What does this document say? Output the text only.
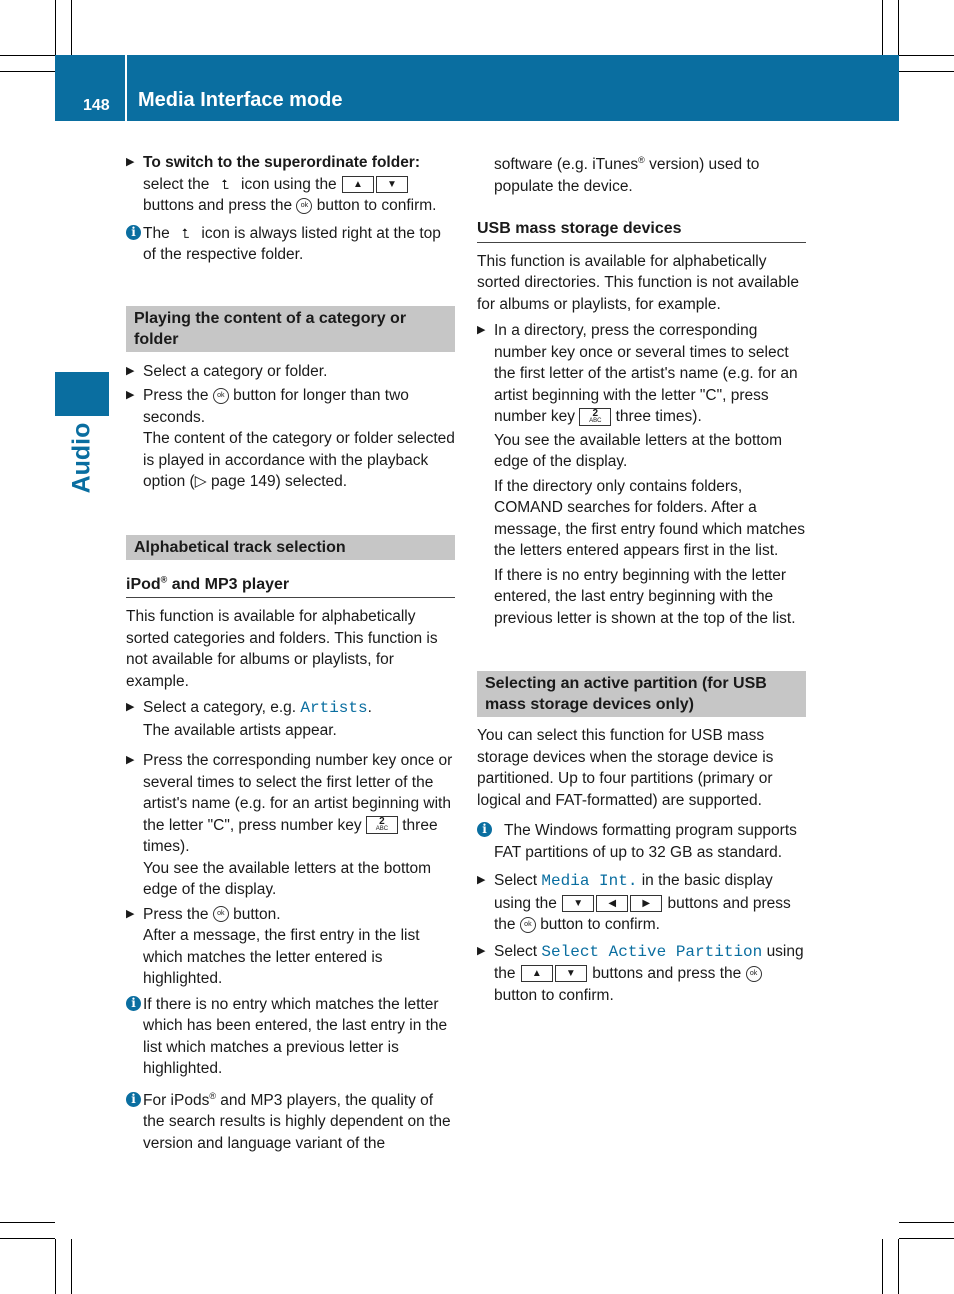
148 Media Interface mode
Audio
▶ To switch to the superordinate folder:
select the ⮤ icon using the ▲ ▼
buttons and press the ok button to confirm.

i The ⮤ icon is always listed right at the top of the respective folder.

Playing the content of a category or folder
▶ Select a category or folder.

▶ Press the ok button for longer than two seconds.
The content of the category or folder selected is played in accordance with the playback option (▷ page 149) selected.

Alphabetical track selection
iPod® and MP3 player

This function is available for alphabetically sorted categories and folders. This function is not available for albums or playlists, for example.

▶ Select a category, e.g. Artists.
The available artists appear.

▶ Press the corresponding number key once or several times to select the first letter of the artist's name (e.g. for an artist beginning with the letter "C", press number key 2
ABC three times).
You see the available letters at the bottom edge of the display.

▶ Press the ok button.
After a message, the first entry in the list which matches the letter entered is highlighted.

i If there is no entry which matches the letter which has been entered, the last entry in the list which matches a previous letter is highlighted.

i For iPods® and MP3 players, the quality of the search results is highly dependent on the version and language variant of the

software (e.g. iTunes® version) used to populate the device.

USB mass storage devices

This function is available for alphabetically sorted directories. This function is not available for albums or playlists, for example.

▶ In a directory, press the corresponding number key once or several times to select the first letter of the artist's name (e.g. for an artist beginning with the letter "C", press number key 2
ABC three times).

You see the available letters at the bottom edge of the display.

If the directory only contains folders, COMAND searches for folders. After a message, the first entry found which matches the letters entered appears first in the list.

If there is no entry beginning with the letter entered, the last entry beginning with the previous letter is shown at the top of the list.

Selecting an active partition (for USB mass storage devices only)

You can select this function for USB mass storage devices when the storage device is partitioned. Up to four partitions (primary or logical and FAT-formatted) are supported.

i	The Windows formatting program supports FAT partitions of up to 32 GB as standard.

▶ Select Media Int. in the basic display using the ▼	◀	▶ buttons and press the ok button to confirm.

▶ Select Select Active Partition using the ▲ ▼ buttons and press the ok button to confirm.
